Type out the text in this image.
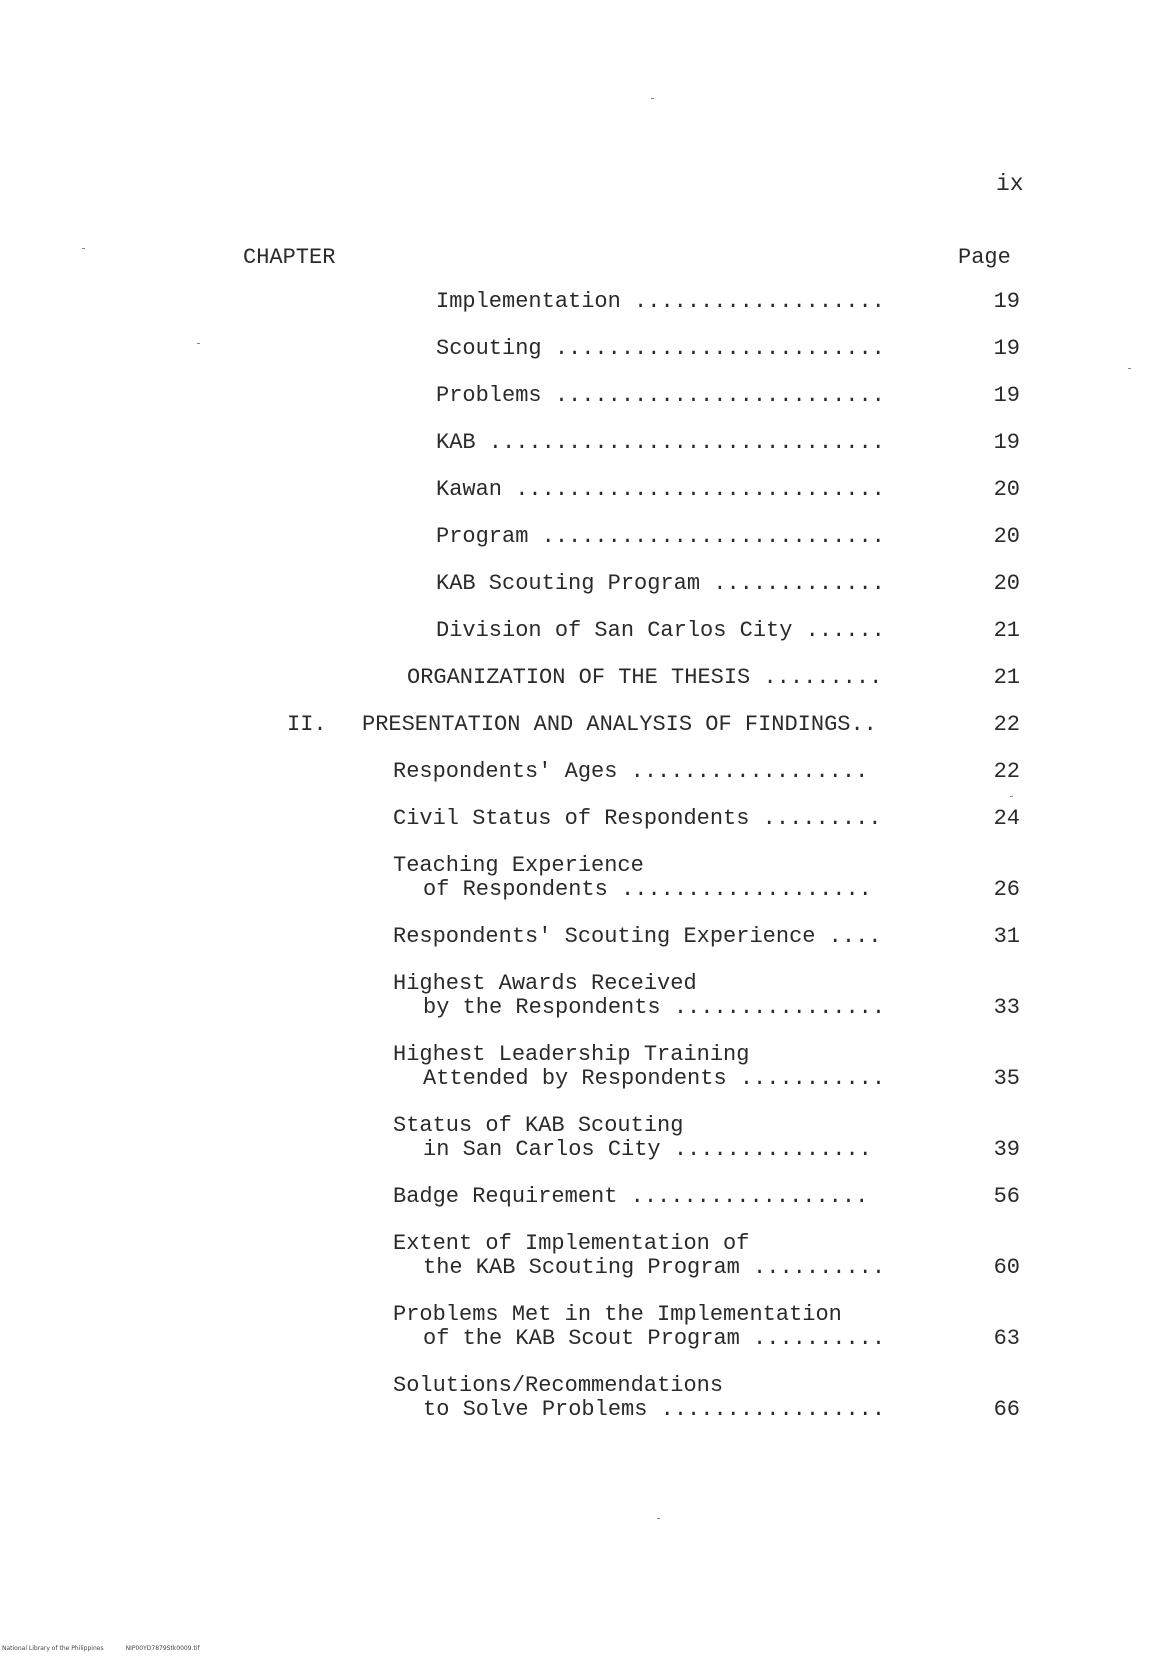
ix
CHAPTER	Page
Implementation ...................	19
Scouting .........................	19
Problems .........................	19
KAB ..............................	19
Kawan ............................	20
Program ..........................	20
KAB Scouting Program .............	20
Division of San Carlos City ......	21
ORGANIZATION OF THE THESIS .........	21
II. PRESENTATION AND ANALYSIS OF FINDINGS..	22
Respondents' Ages ..................	22
Civil Status of Respondents .........	24
Teaching Experience
of Respondents ...................	26
Respondents' Scouting Experience ....	31
Highest Awards Received
by the Respondents ................	33
Highest Leadership Training
Attended by Respondents ...........	35
Status of KAB Scouting
in San Carlos City ...............	39
Badge Requirement ..................	56
Extent of Implementation of
the KAB Scouting Program ..........	60
Problems Met in the Implementation
of the KAB Scout Program ..........	63
Solutions/Recommendations
to Solve Problems .................	66
National Library of the Philippines	NIP00YD7879Stk0009.tif
